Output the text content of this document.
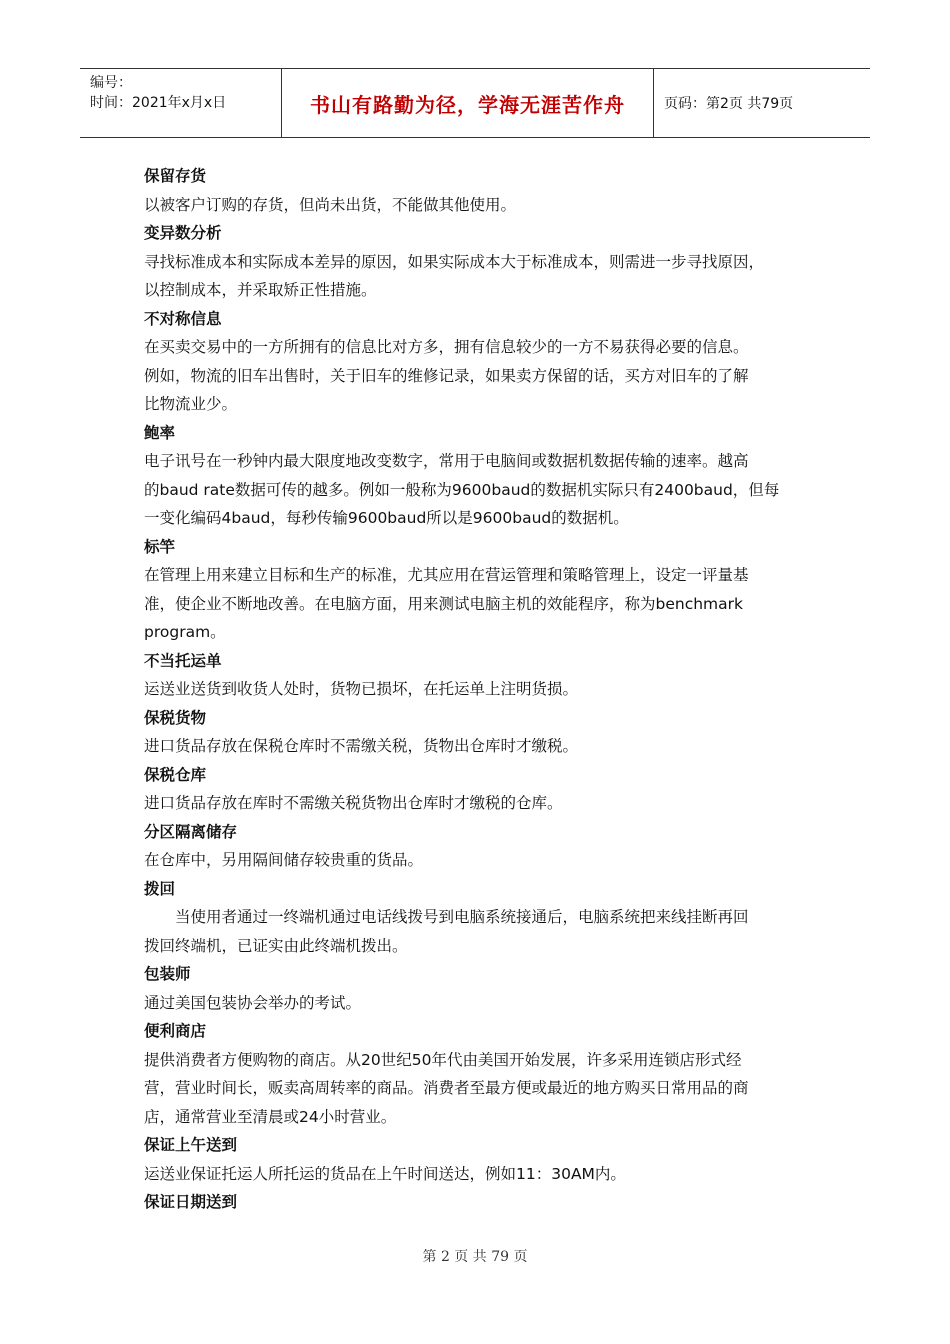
编号：
时间：2021年x月x日	书山有路勤为径，学海无涯苦作舟	页码：第2页 共79页
保留存货
以被客户订购的存货，但尚未出货，不能做其他使用。
变异数分析
寻找标准成本和实际成本差异的原因，如果实际成本大于标准成本，则需进一步寻找原因，
以控制成本，并采取矫正性措施。
不对称信息
在买卖交易中的一方所拥有的信息比对方多，拥有信息较少的一方不易获得必要的信息。
例如，物流的旧车出售时，关于旧车的维修记录，如果卖方保留的话，买方对旧车的了解
比物流业少。
鲍率
电子讯号在一秒钟内最大限度地改变数字，常用于电脑间或数据机数据传输的速率。越高
的baud rate数据可传的越多。例如一般称为9600baud的数据机实际只有2400baud，但每
一变化编码4baud，每秒传输9600baud所以是9600baud的数据机。
标竿
在管理上用来建立目标和生产的标准，尤其应用在营运管理和策略管理上，设定一评量基
准，使企业不断地改善。在电脑方面，用来测试电脑主机的效能程序，称为benchmark
program。
不当托运单
运送业送货到收货人处时，货物已损坏，在托运单上注明货损。
保税货物
进口货品存放在保税仓库时不需缴关税，货物出仓库时才缴税。
保税仓库
进口货品存放在库时不需缴关税货物出仓库时才缴税的仓库。
分区隔离储存
在仓库中，另用隔间储存较贵重的货品。
拨回
当使用者通过一终端机通过电话线拨号到电脑系统接通后，电脑系统把来线挂断再回
拨回终端机，已证实由此终端机拨出。
包装师
通过美国包装协会举办的考试。
便利商店
提供消费者方便购物的商店。从20世纪50年代由美国开始发展，许多采用连锁店形式经
营，营业时间长，贩卖高周转率的商品。消费者至最方便或最近的地方购买日常用品的商
店，通常营业至清晨或24小时营业。
保证上午送到
运送业保证托运人所托运的货品在上午时间送达，例如11：30AM内。
保证日期送到
第 2 页 共 79 页
